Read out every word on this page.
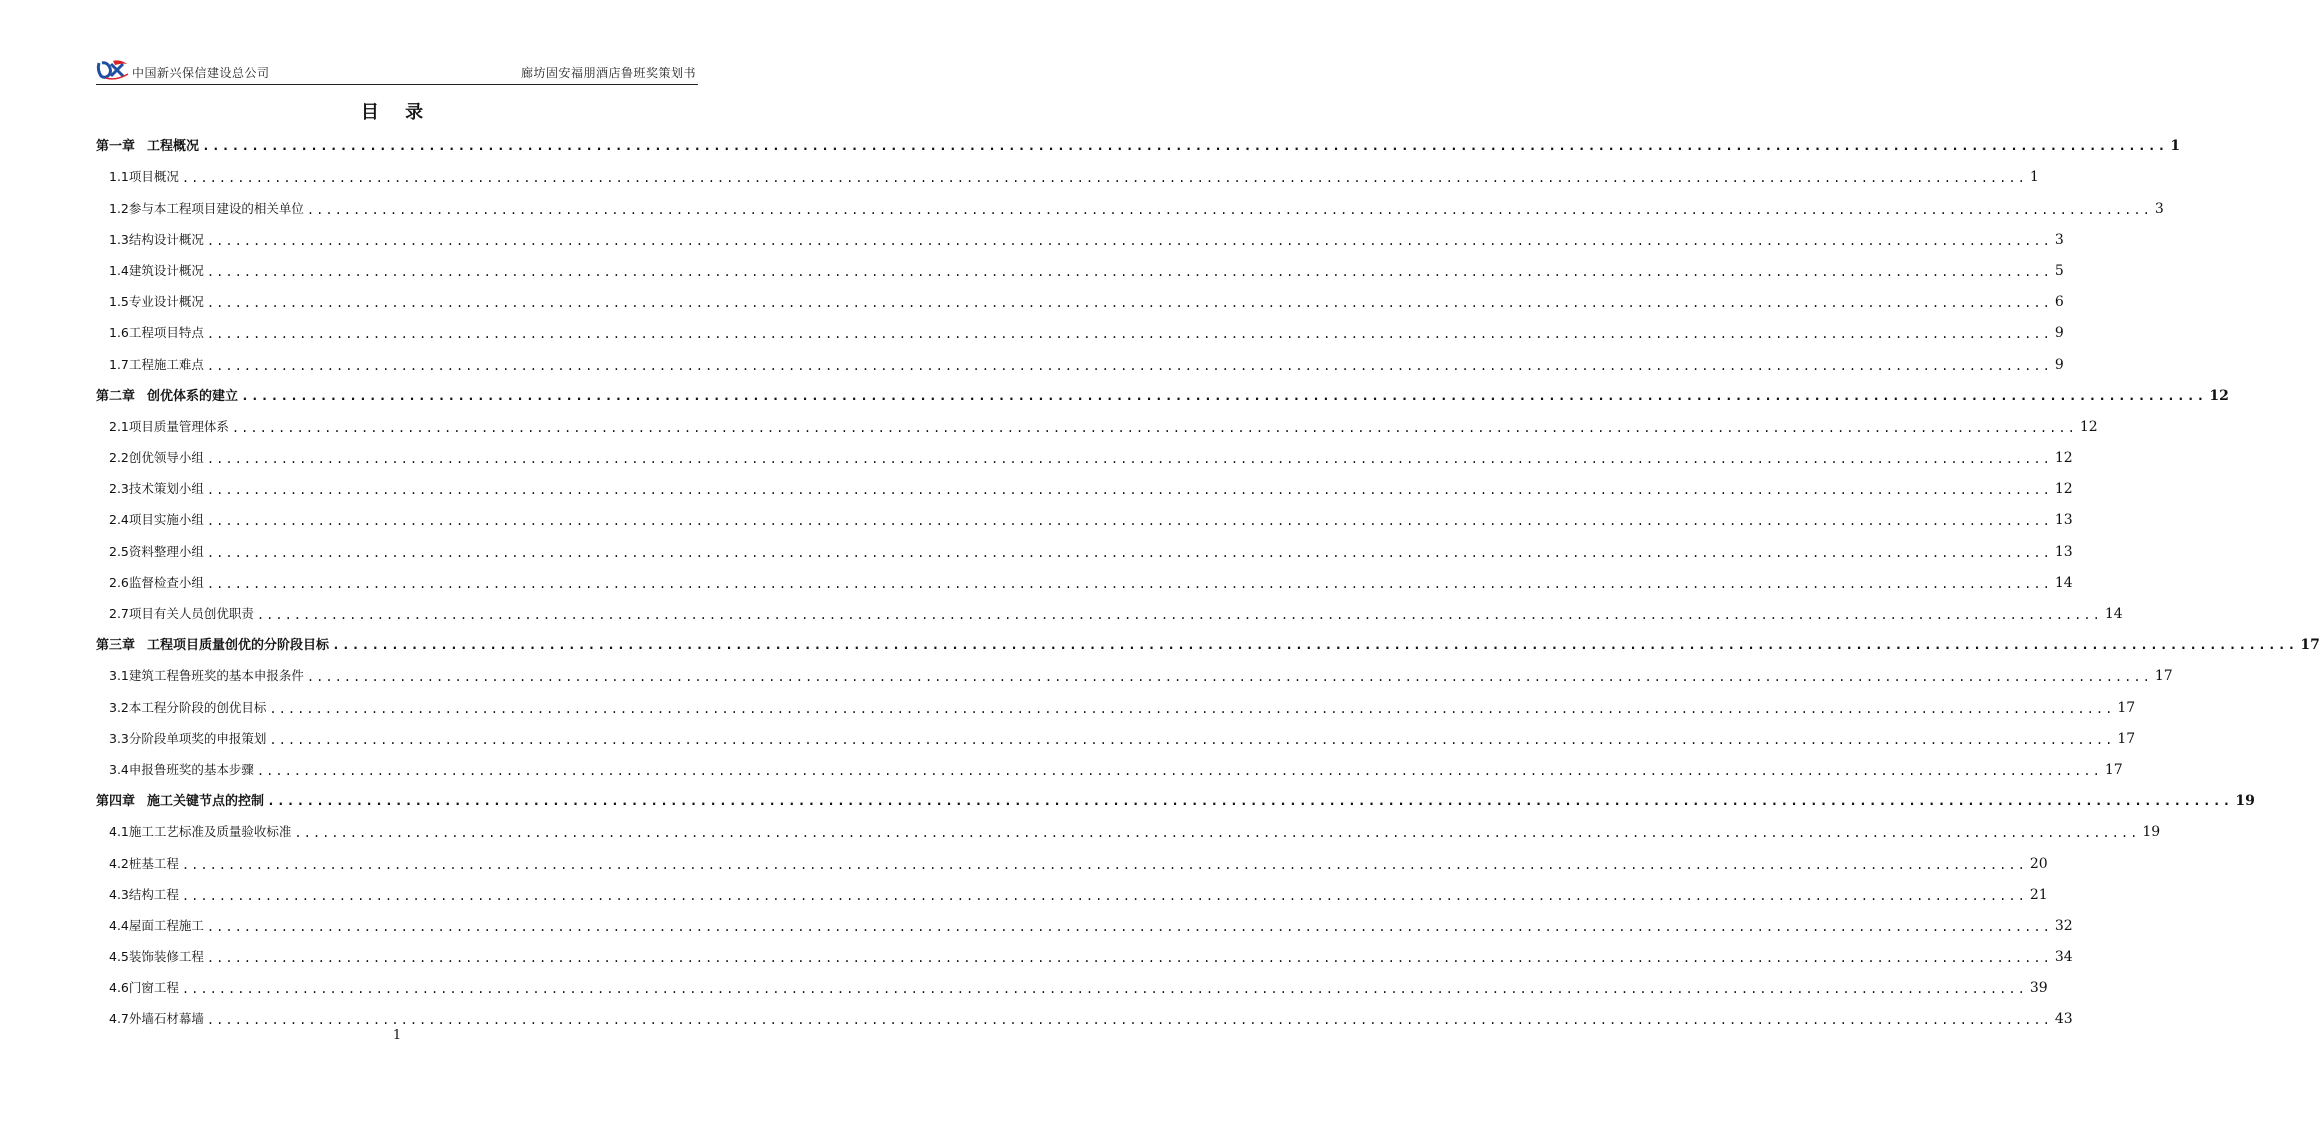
中国新兴保信建设总公司	廊坊固安福朋酒店鲁班奖策划书
目 录
第一章 工程概况 ........................................................................................................................................................................................................ 1
1.1项目概况 ........................................................................................................................................................................................................ 1
1.2参与本工程项目建设的相关单位 ........................................................................................................................................................................................................ 3
1.3结构设计概况 ........................................................................................................................................................................................................ 3
1.4建筑设计概况 ........................................................................................................................................................................................................ 5
1.5专业设计概况 ........................................................................................................................................................................................................ 6
1.6工程项目特点 ........................................................................................................................................................................................................ 9
1.7工程施工难点 ........................................................................................................................................................................................................ 9
第二章 创优体系的建立 ........................................................................................................................................................................................................ 12
2.1项目质量管理体系 ........................................................................................................................................................................................................ 12
2.2创优领导小组 ........................................................................................................................................................................................................ 12
2.3技术策划小组 ........................................................................................................................................................................................................ 12
2.4项目实施小组 ........................................................................................................................................................................................................ 13
2.5资料整理小组 ........................................................................................................................................................................................................ 13
2.6监督检查小组 ........................................................................................................................................................................................................ 14
2.7项目有关人员创优职责 ........................................................................................................................................................................................................ 14
第三章 工程项目质量创优的分阶段目标 ........................................................................................................................................................................................................ 17
3.1建筑工程鲁班奖的基本申报条件 ........................................................................................................................................................................................................ 17
3.2本工程分阶段的创优目标 ........................................................................................................................................................................................................ 17
3.3分阶段单项奖的申报策划 ........................................................................................................................................................................................................ 17
3.4申报鲁班奖的基本步骤 ........................................................................................................................................................................................................ 17
第四章 施工关键节点的控制 ........................................................................................................................................................................................................ 19
4.1施工工艺标准及质量验收标准 ........................................................................................................................................................................................................ 19
4.2桩基工程 ........................................................................................................................................................................................................ 20
4.3结构工程 ........................................................................................................................................................................................................ 21
4.4屋面工程施工 ........................................................................................................................................................................................................ 32
4.5装饰装修工程 ........................................................................................................................................................................................................ 34
4.6门窗工程 ........................................................................................................................................................................................................ 39
4.7外墙石材幕墙 ........................................................................................................................................................................................................ 43
1
